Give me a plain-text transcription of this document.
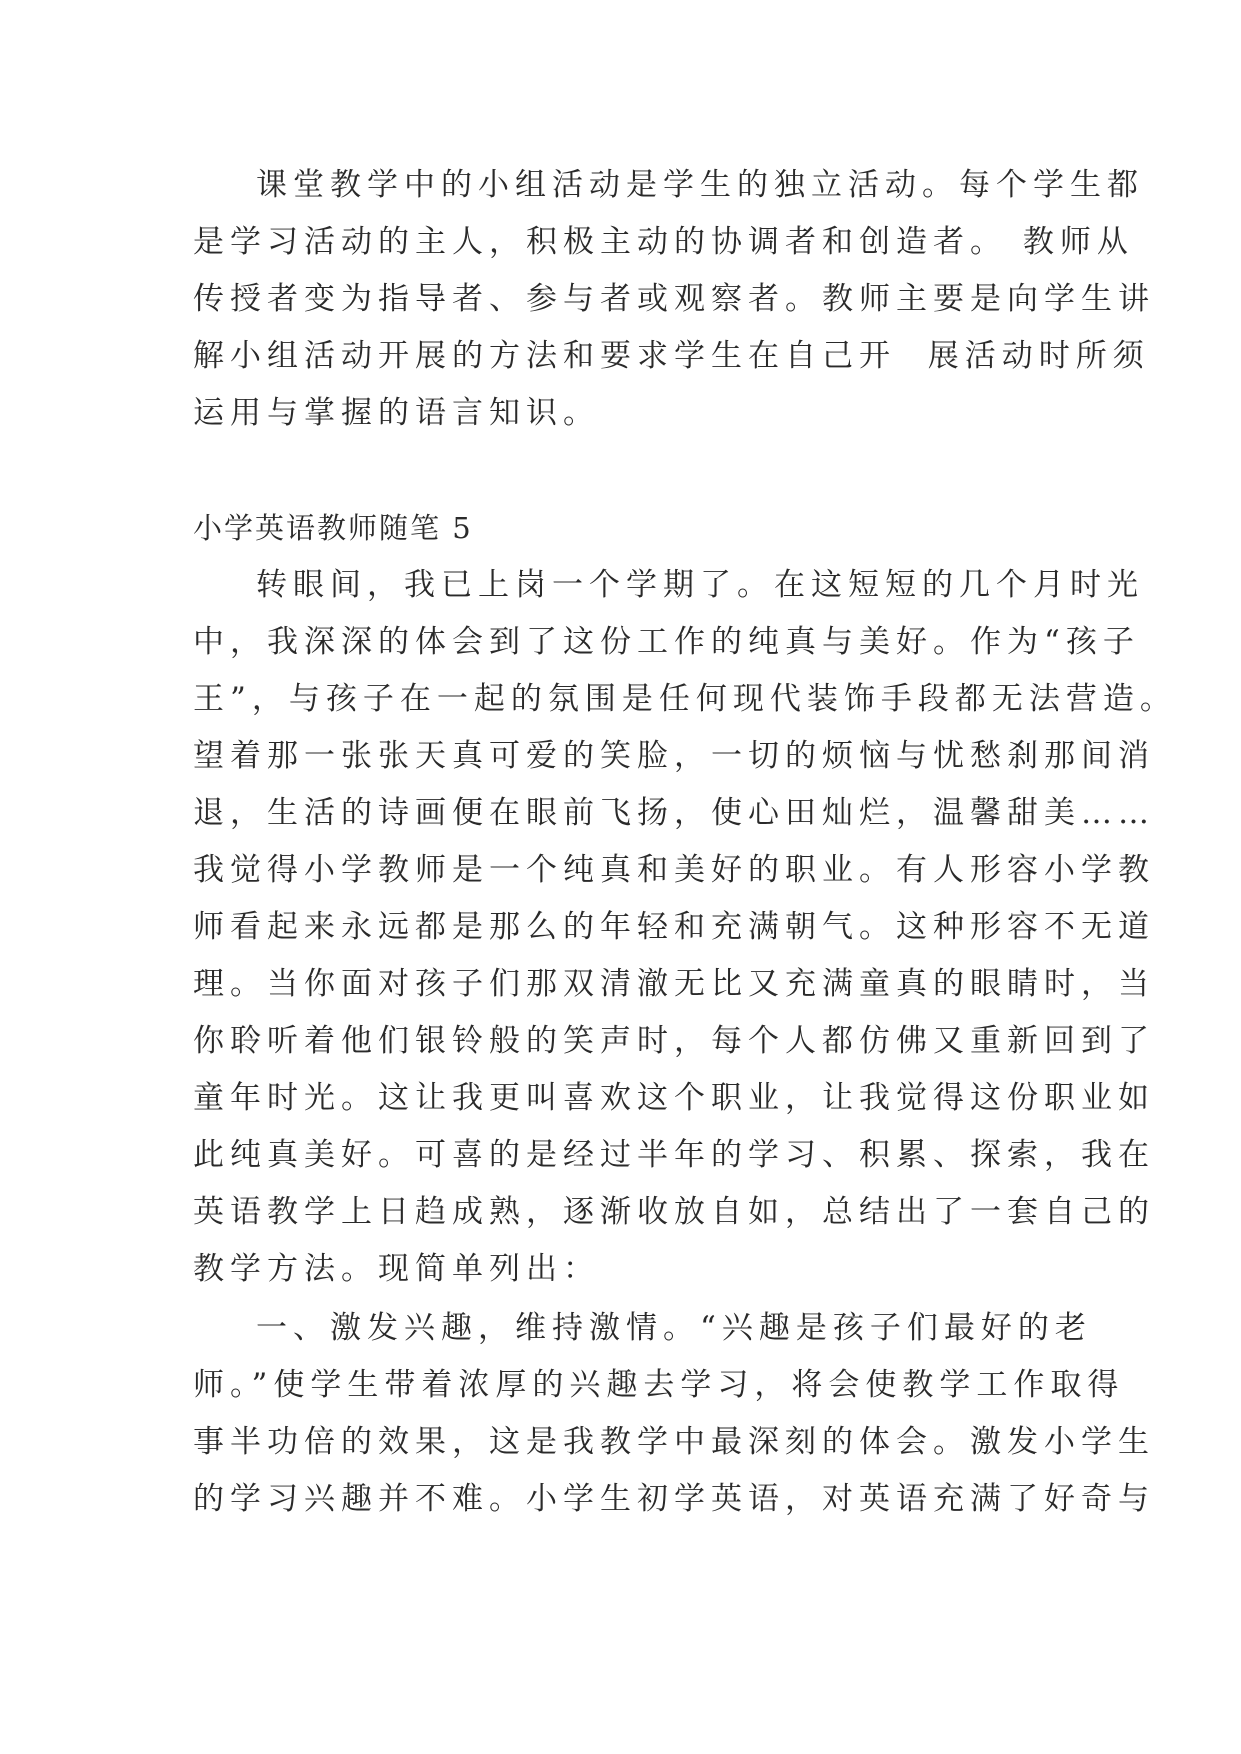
课堂教学中的小组活动是学生的独立活动。每个学生都
是学习活动的主人，积极主动的协调者和创造者。 教师从
传授者变为指导者、参与者或观察者。教师主要是向学生讲
解小组活动开展的方法和要求学生在自己开  展活动时所须
运用与掌握的语言知识。
小学英语教师随笔 5
转眼间，我已上岗一个学期了。在这短短的几个月时光
中，我深深的体会到了这份工作的纯真与美好。作为“孩子
王”，与孩子在一起的氛围是任何现代装饰手段都无法营造。
望着那一张张天真可爱的笑脸，一切的烦恼与忧愁刹那间消
退，生活的诗画便在眼前飞扬，使心田灿烂，温馨甜美……
我觉得小学教师是一个纯真和美好的职业。有人形容小学教
师看起来永远都是那么的年轻和充满朝气。这种形容不无道
理。当你面对孩子们那双清澈无比又充满童真的眼睛时，当
你聆听着他们银铃般的笑声时，每个人都仿佛又重新回到了
童年时光。这让我更叫喜欢这个职业，让我觉得这份职业如
此纯真美好。可喜的是经过半年的学习、积累、探索，我在
英语教学上日趋成熟，逐渐收放自如，总结出了一套自己的
教学方法。现简单列出：
一、激发兴趣，维持激情。“兴趣是孩子们最好的老
师。”使学生带着浓厚的兴趣去学习，将会使教学工作取得
事半功倍的效果，这是我教学中最深刻的体会。激发小学生
的学习兴趣并不难。小学生初学英语，对英语充满了好奇与
